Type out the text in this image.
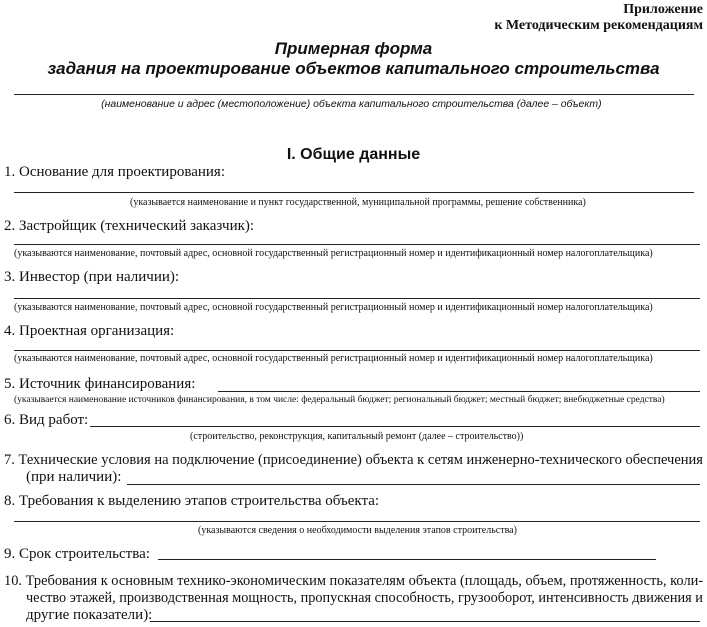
Приложение
к Методическим рекомендациям
Примерная форма
задания на проектирование объектов капитального строительства
(наименование и адрес (местоположение) объекта капитального строительства (далее – объект)
I. Общие данные
1. Основание для проектирования:
(указывается наименование и пункт государственной, муниципальной программы, решение собственника)
2. Застройщик (технический заказчик):
(указываются наименование, почтовый адрес, основной государственный регистрационный номер и идентификационный номер налогоплательщика)
3. Инвестор (при наличии):
(указываются наименование, почтовый адрес, основной государственный регистрационный номер и идентификационный номер налогоплательщика)
4. Проектная организация:
(указываются наименование, почтовый адрес, основной государственный регистрационный номер и идентификационный номер налогоплательщика)
5. Источник финансирования:
(указывается наименование источников финансирования, в том числе: федеральный бюджет; региональный бюджет; местный бюджет; внебюджетные средства)
6. Вид работ:
(строительство, реконструкция, капитальный ремонт (далее – строительство))
7. Технические условия на подключение (присоединение) объекта к сетям инженерно-технического обеспечения
(при наличии):
8. Требования к выделению этапов строительства объекта:
(указываются сведения о необходимости выделения этапов строительства)
9. Срок строительства:
10. Требования к основным технико-экономическим показателям объекта (площадь, объем, протяженность, коли-
чество этажей, производственная мощность, пропускная способность, грузооборот, интенсивность движения и
другие показатели):
